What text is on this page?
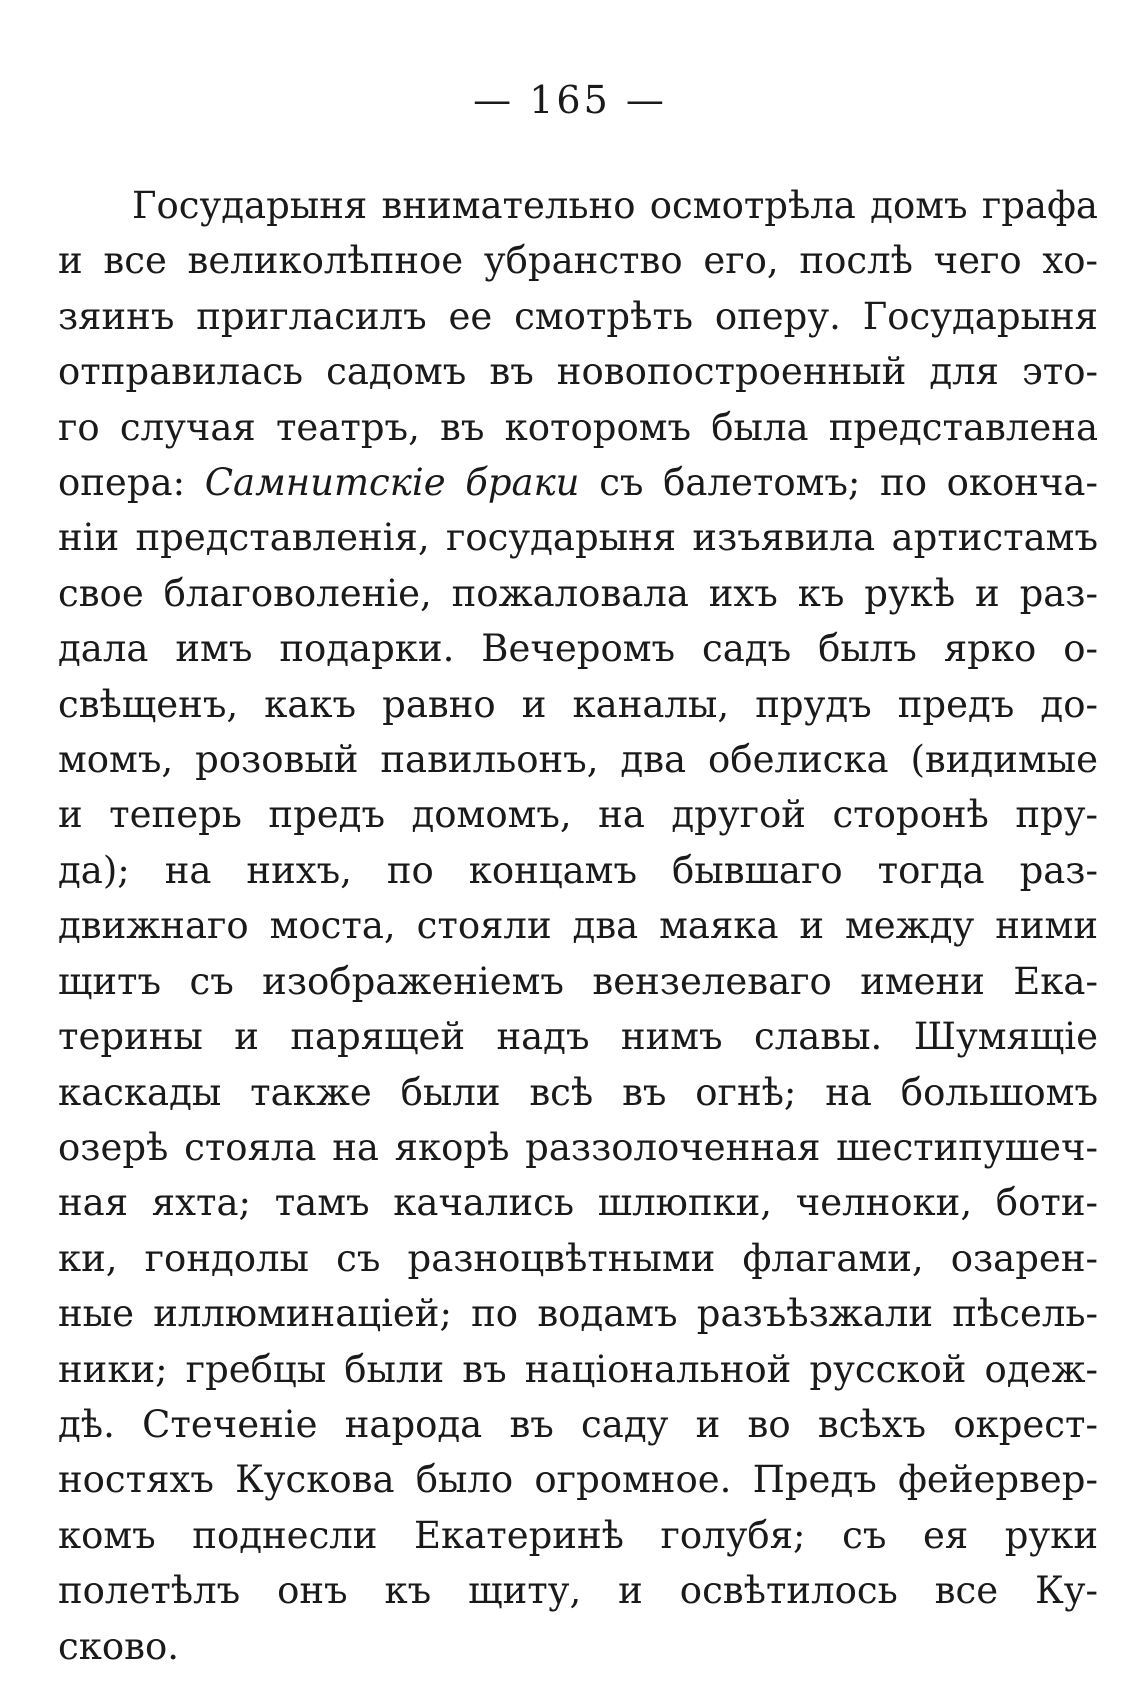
— 165 —
Государыня внимательно осмотрѣла домъ графа
и все великолѣпное убранство его, послѣ чего хо-
зяинъ пригласилъ ее смотрѣть оперу. Государыня
отправилась садомъ въ новопостроенный для это-
го случая театръ, въ которомъ была представлена
опера: Самнитскіе браки съ балетомъ; по оконча-
ніи представленія, государыня изъявила артистамъ
свое благоволеніе, пожаловала ихъ къ рукѣ и раз-
дала имъ подарки. Вечеромъ садъ былъ ярко о-
свѣщенъ, какъ равно и каналы, прудъ предъ до-
момъ, розовый павильонъ, два обелиска (видимые
и теперь предъ домомъ, на другой сторонѣ пру-
да); на нихъ, по концамъ бывшаго тогда раз-
движнаго моста, стояли два маяка и между ними
щитъ съ изображеніемъ вензелеваго имени Ека-
терины и парящей надъ нимъ славы. Шумящіе
каскады также были всѣ въ огнѣ; на большомъ
озерѣ стояла на якорѣ раззолоченная шестипушеч-
ная яхта; тамъ качались шлюпки, челноки, боти-
ки, гондолы съ разноцвѣтными флагами, озарен-
ные иллюминаціей; по водамъ разъѣзжали пѣсель-
ники; гребцы были въ національной русской одеж-
дѣ. Стеченіе народа въ саду и во всѣхъ окрест-
ностяхъ Кускова было огромное. Предъ фейервер-
комъ поднесли Екатеринѣ голубя; съ ея руки
полетѣлъ онъ къ щиту, и освѣтилось все Ку-
сково.
